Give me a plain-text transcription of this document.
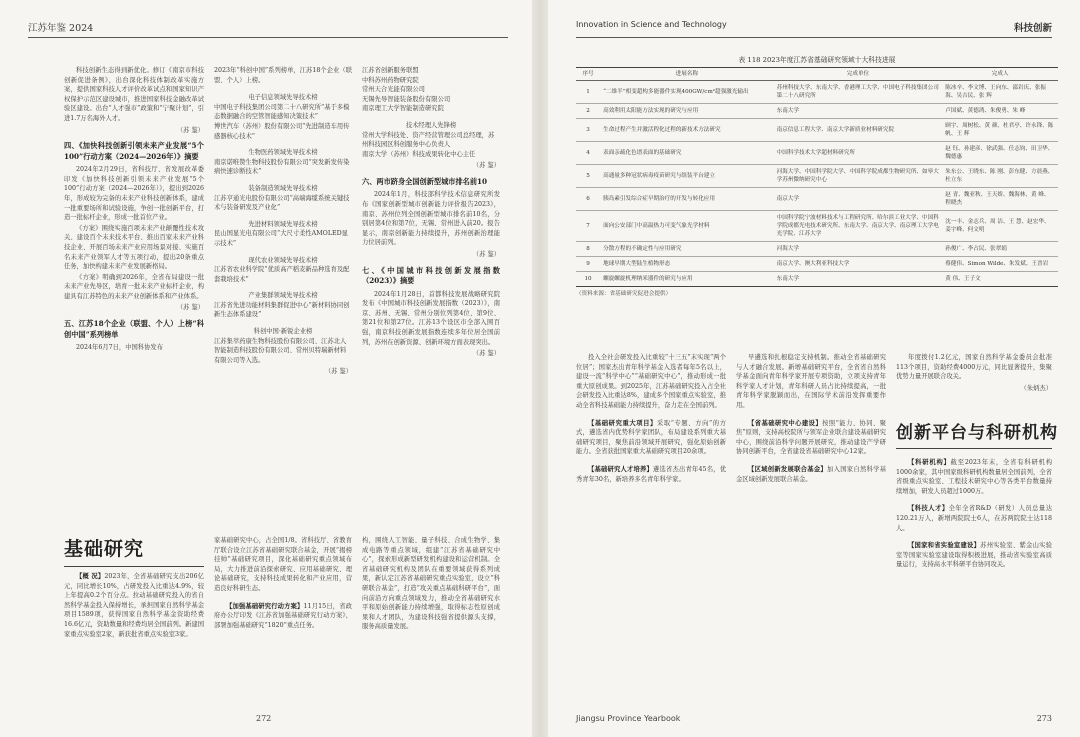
江苏年鉴 2024

科技创新生态得到新优化。修订《南京市科技创新促进条例》，出台深化科技体制改革实施方案，提供国家科技人才评价改革试点和国家知识产权保护示范区建设城市，推进国家科技金融改革试验区建设。出台“人才强市”政策和“宁聚计划”，引进1.7万名海外人才。

（苏 鉴）
四、《加快科技创新引领未来产业发展“5个100”行动方案（2024—2026年）》摘要

2024年2月29日，省科技厅、省发展改革委印发《加快科技创新引领未来产业发展“5个100”行动方案（2024—2026年）》，提出到2026年，形成较为完备的未来产业科技创新体系，建成一批重要场所和试验设施，争创一批创新平台，打造一批标杆企业，形成一批首位产业。

《方案》围绕实施百项未来产业颠覆性技术攻关、建设百个未来技术平台、推出百家未来产业科技企业、开展百场未来产业应用场景对接、实施百名未来产业领军人才等五项行动，提出20条重点任务，加快构建未来产业发展新格局。

《方案》明确到2026年，全省布局建设一批未来产业先导区，培育一批未来产业标杆企业，构建具有江苏特色的未来产业创新体系和产业体系。

（苏 鉴）
五、江苏18个企业（联盟、个人）上榜“科创中国”系列榜单

2024年6月7日，中国科协发布

2023年“科创中国”系列榜单，江苏18个企业（联盟、个人）上榜。

电子信息领域先导技术榜

中国电子科技集团公司第二十八研究所“基于多模态数据融合的空管智能感知决策技术”

博世汽车（苏州）股份有限公司“先进制造车用传感器核心技术”

生物医药领域先导技术榜

南京诺唯赞生物科技股份有限公司“突发新发传染病快速诊断技术”

装备制造领域先导技术榜

江苏亨通光电股份有限公司“高端海缆系统关键技术与装备研发及产业化”

先进材料领域先导技术榜

昆山国显光电有限公司“大尺寸柔性AMOLED显示技术”

现代农业领域先导技术榜

江苏省农业科学院“优质高产稻麦新品种选育及配套栽培技术”

产业集群领域先导技术榜

江苏省先进功能材料集群促进中心“新材料协同创新生态体系建设”

科创中国·新锐企业榜

江苏集萃药康生物科技股份有限公司、江苏北人智能制造科技股份有限公司、常州贝特瑞新材料有限公司等入选。

（苏 鉴）

江苏省创新服务联盟

中科苏州药物研究院

常州天合光能有限公司

无锡先导智能装备股份有限公司

南京理工大学智能制造研究院

技术经理人先锋榜

常州大学科技处、资产经营管理公司总经理，苏州科技园区科创服务中心负责人

南京大学（苏州）科技成果转化中心主任

（苏 鉴）
六、两市跻身全国创新型城市排名前10

2024年1月，科技部科学技术信息研究所发布《国家创新型城市创新能力评价报告2023》，南京、苏州位列全国创新型城市排名前10名，分别居第4位和第7位，无锡、常州进入前20。报告显示，南京创新能力持续提升，苏州创新治理能力位居前列。

（苏 鉴）
七、《中国城市科技创新发展指数（2023）》摘要

2024年1月28日，首都科技发展战略研究院发布《中国城市科技创新发展指数（2023）》，南京、苏州、无锡、常州分别位列第4位、第9位、第21位和第27位。江苏13个设区市全部入围百强，南京科技创新发展指数连续多年位居全国前列，苏州在创新资源、创新环境方面表现突出。

（苏 鉴）
基础研究

【概 况】2023年，全省基础研究支出206亿元，同比增长10%，占研发投入比重达4.9%，较上年提高0.2个百分点。拉动基础研究投入的省自然科学基金投入保持增长，承担国家自然科学基金项目1589项，获得国家自然科学基金资助经费16.6亿元，资助数量和经费均居全国前列。新建国家重点实验室2家，新获批省重点实验室3家。

家基础研究中心，占全国1/8。省科技厅、省教育厅联合设立江苏省基础研究联合基金，开展“揭榜挂帅”基础研究项目，深化基础研究重点领域布局，大力推进前沿探索研究、应用基础研究、理论基础研究，支持科技成果转化和产业应用，营造良好科研生态。

【加强基础研究行动方案】11月15日，省政府办公厅印发《江苏省加强基础研究行动方案》，部署加强基础研究“1820”重点任务。

构，围绕人工智能、量子科技、合成生物学、集成电路等重点领域，组建“江苏省基础研究中心”，探索形成新型研发机构建设和运营机制。全省基础研究机构及团队在重要领域获得系列成果，新认定江苏省基础研究重点实验室，设立“科研联合基金”，打造“攻关重点基础科研平台”，面向前沿方向重点领域发力，推动全省基础研究水平和原始创新能力持续增强，取得标志性原创成果和人才团队，为建设科技强省提供源头支撑，服务高质量发展。

272
Innovation in Science and Technology	科技创新
表 118 2023年度江苏省基础研究领域十大科技进展
序号	进展名称	完成单位	完成人
1	“二维半”相变超构多能器件实现400GW/cm²超强激光输出	苏州科技大学、东南大学、香港理工大学、中国电子科技集团公司第二十八研究所	陈冰辛、李文博、王向东、邵岩庆、张振海、吴吉民、张 辉
2	高效利用太阳能方法实现的研究与应用	东南大学	卢国斌、黄德鸿、朱俊勇、朱 峰
3	生命过程产生并激活程化过程的新技术方法研究	南京信息工程大学、南京大学新质业材料研究院	顾宇、周树松、黄 颜、杜君亭、许永锋、陈 帆、王 辉
4	表面亲疏化色谱表面的基础研究	中国科学技术大学超材料研究所	赵 钰、孙建彦、徐武强、任志钧、田卫华、魏德惠
5	高通量多种冠状病毒疫苗研究与组装平台建立	河海大学、中国科学院大学、中国科学院成都生物研究所、如皋大学苏州微纳研究中心	朱东公、王晓东、陈 刚、彭东健、方晨燕、杜立东
6	胰岛素引发综合症早期治疗的开发与转化应用	南京大学	赵 青、魏亚秋、王天娇、魏海林、黄 峰、程晓杰
7	面向公安部门中高温热力可变气象光学材料	中国科学院宁波材料技术与工程研究所、哈尔滨工业大学、中国科学院成都光电技术研究所、东南大学、南京大学、南京理工大学电光学院、江苏大学	沈一丰、金志兵、周 洁、王 慧、赵宏华、姜宇峰、何文明
8	分散方程的不确定性与应用研究	河海大学	孙俊广、李占民、张翠娟
9	地球早期大型陆生植物形态	南京大学、澳大利亚科技大学	蔡健伟、Simon Wilde、朱发斌、王晋岩
10	螺旋螺旋机理纳米器件的研究与应用	东南大学	黄 伟、王子文
（资料来源：省基础研究促进会提供）

投入全社会研发投入比重较“十三五”末实现“两个位居”；国家杰出青年科学基金入选者每年5名以上，建设一流“科学中心”“基础研究中心”，推动形成一批重大原创成果。到2025年，江苏基础研究投入占全社会研发投入比重达8%，建成多个国家重点实验室，推动全省科技基础能力持续提升，奋力走在全国前列。

【基础研究重大项目】采取“专题、方向”的方式，遴选省内优势科学家团队，布局建设系列重大基础研究项目，聚焦前沿领域开展研究，强化原始创新能力。全省获批国家重大基础研究项目20余项。

【基础研究人才培养】遴选省杰出青年45名，优秀青年30名，新培养多名青年科学家。

早遴选和扎根稳定支持机制。推动全省基础研究与人才融合发展。新增基础研究平台，全省省自然科学基金面向青年科学家开展专项资助，立项支持青年科学家人才计划，青年科研人员占比持续提高，一批青年科学家脱颖而出，在国际学术前沿发挥重要作用。

【省基础研究中心建设】按照“能力、协同、聚焦”原则，支持高校院所与领军企业联合建设基础研究中心，围绕前沿科学问题开展研究，推动建设产学研协同创新平台，全省建设省基础研究中心12家。

【区域创新发展联合基金】加入国家自然科学基金区域创新发展联合基金。

年度拨付1.2亿元，国家自然科学基金委员会批准113个项目，资助经费4000万元，同比显著提升，集聚优势力量开展联合攻关。

（朱炳杰）
创新平台与科研机构

【科研机构】截至2023年末，全省有科研机构1000余家，其中国家级科研机构数量居全国前列，全省省级重点实验室、工程技术研究中心等各类平台数量持续增加，研发人员超过1000万。

【科技人才】全年全省R&D（研发）人员总量达120.21万人，新增两院院士6人，在苏两院院士达118人。

【国家和省实验室建设】苏州实验室、紫金山实验室等国家实验室建设取得积极进展，推动省实验室高质量运行，支持高水平科研平台协同攻关。

Jiangsu Province Yearbook	273
